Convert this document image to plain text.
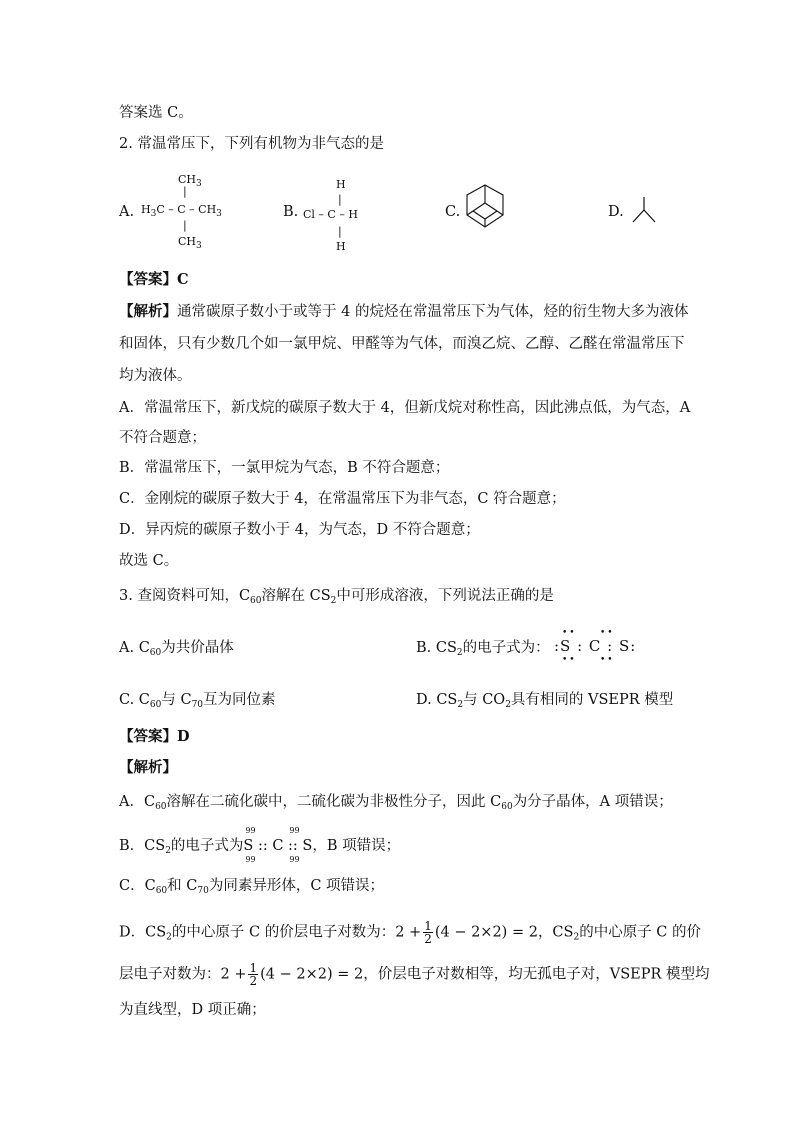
答案选 C。
2. 常温常压下，下列有机物为非气态的是
A.
$CH_3$
|
$H_3C$ – C – $CH_3$
|
$CH_3$
B.
H
|
Cl – C – H
|
H
C.	D.
【答案】C
【解析】通常碳原子数小于或等于 4 的烷烃在常温常压下为气体，烃的衍生物大多为液体
和固体，只有少数几个如一氯甲烷、甲醛等为气体，而溴乙烷、乙醇、乙醛在常温常压下
均为液体。
A．常温常压下，新戊烷的碳原子数大于 4，但新戊烷对称性高，因此沸点低，为气态，A
不符合题意；
B．常温常压下，一氯甲烷为气态，B 不符合题意；
C．金刚烷的碳原子数大于 4，在常温常压下为非气态，C 符合题意；
D．异丙烷的碳原子数小于 4，为气态，D 不符合题意；
故选 C。
3. 查阅资料可知，$C_{60}$溶解在 $CS_2$中可形成溶液，下列说法正确的是
A. $C_{60}$为共价晶体	B. $CS_2$的电子式为：
••	••
:S : C : S:
••	••
C. $C_{60}$与 $C_{70}$互为同位素	D. $CS_2$与 $CO_2$具有相同的 VSEPR 模型
【答案】D
【解析】
A．$C_{60}$溶解在二硫化碳中，二硫化碳为非极性分子，因此 $C_{60}$为分子晶体，A 项错误；
B．$CS_2$的电子式为
99	99
S :: C :: S
99	99
，B 项错误；
C．$C_{60}$和 $C_{70}$为同素异形体，C 项错误；
D．$CS_2$的中心原子 C 的价层电子对数为：$2 + \frac{1}{2} (4 - 2\times 2) = 2$，$CS_2$的中心原子 C 的价
层电子对数为：$2 + \frac{1}{2} (4 - 2\times 2) = 2$，价层电子对数相等，均无孤电子对，VSEPR 模型均
为直线型，D 项正确；
